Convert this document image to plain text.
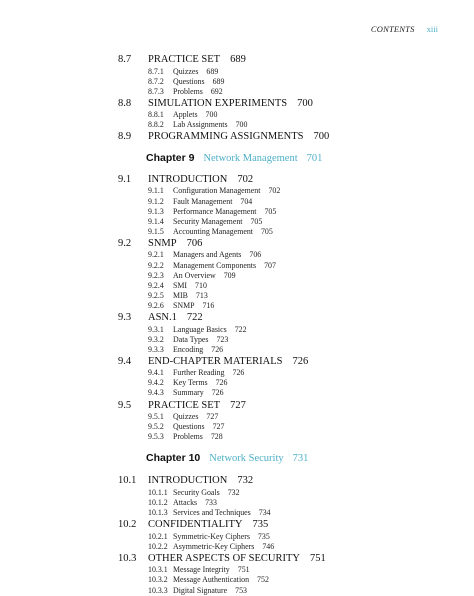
CONTENTS xiii
8.7	PRACTICE SET 689
8.7.1	Quizzes 689
8.7.2	Questions 689
8.7.3	Problems 692
8.8	SIMULATION EXPERIMENTS 700
8.8.1	Applets 700
8.8.2	Lab Assignments 700
8.9	PROGRAMMING ASSIGNMENTS 700
Chapter 9 Network Management 701
9.1	INTRODUCTION 702
9.1.1	Configuration Management 702
9.1.2	Fault Management 704
9.1.3	Performance Management 705
9.1.4	Security Management 705
9.1.5	Accounting Management 705
9.2	SNMP 706
9.2.1	Managers and Agents 706
9.2.2	Management Components 707
9.2.3	An Overview 709
9.2.4	SMI 710
9.2.5	MIB 713
9.2.6	SNMP 716
9.3	ASN.1 722
9.3.1	Language Basics 722
9.3.2	Data Types 723
9.3.3	Encoding 726
9.4	END-CHAPTER MATERIALS 726
9.4.1	Further Reading 726
9.4.2	Key Terms 726
9.4.3	Summary 726
9.5	PRACTICE SET 727
9.5.1	Quizzes 727
9.5.2	Questions 727
9.5.3	Problems 728
Chapter 10 Network Security 731
10.1	INTRODUCTION 732
10.1.1 Security Goals 732
10.1.2 Attacks 733
10.1.3 Services and Techniques 734
10.2	CONFIDENTIALITY 735
10.2.1 Symmetric-Key Ciphers 735
10.2.2 Asymmetric-Key Ciphers 746
10.3	OTHER ASPECTS OF SECURITY 751
10.3.1 Message Integrity 751
10.3.2 Message Authentication 752
10.3.3 Digital Signature 753
